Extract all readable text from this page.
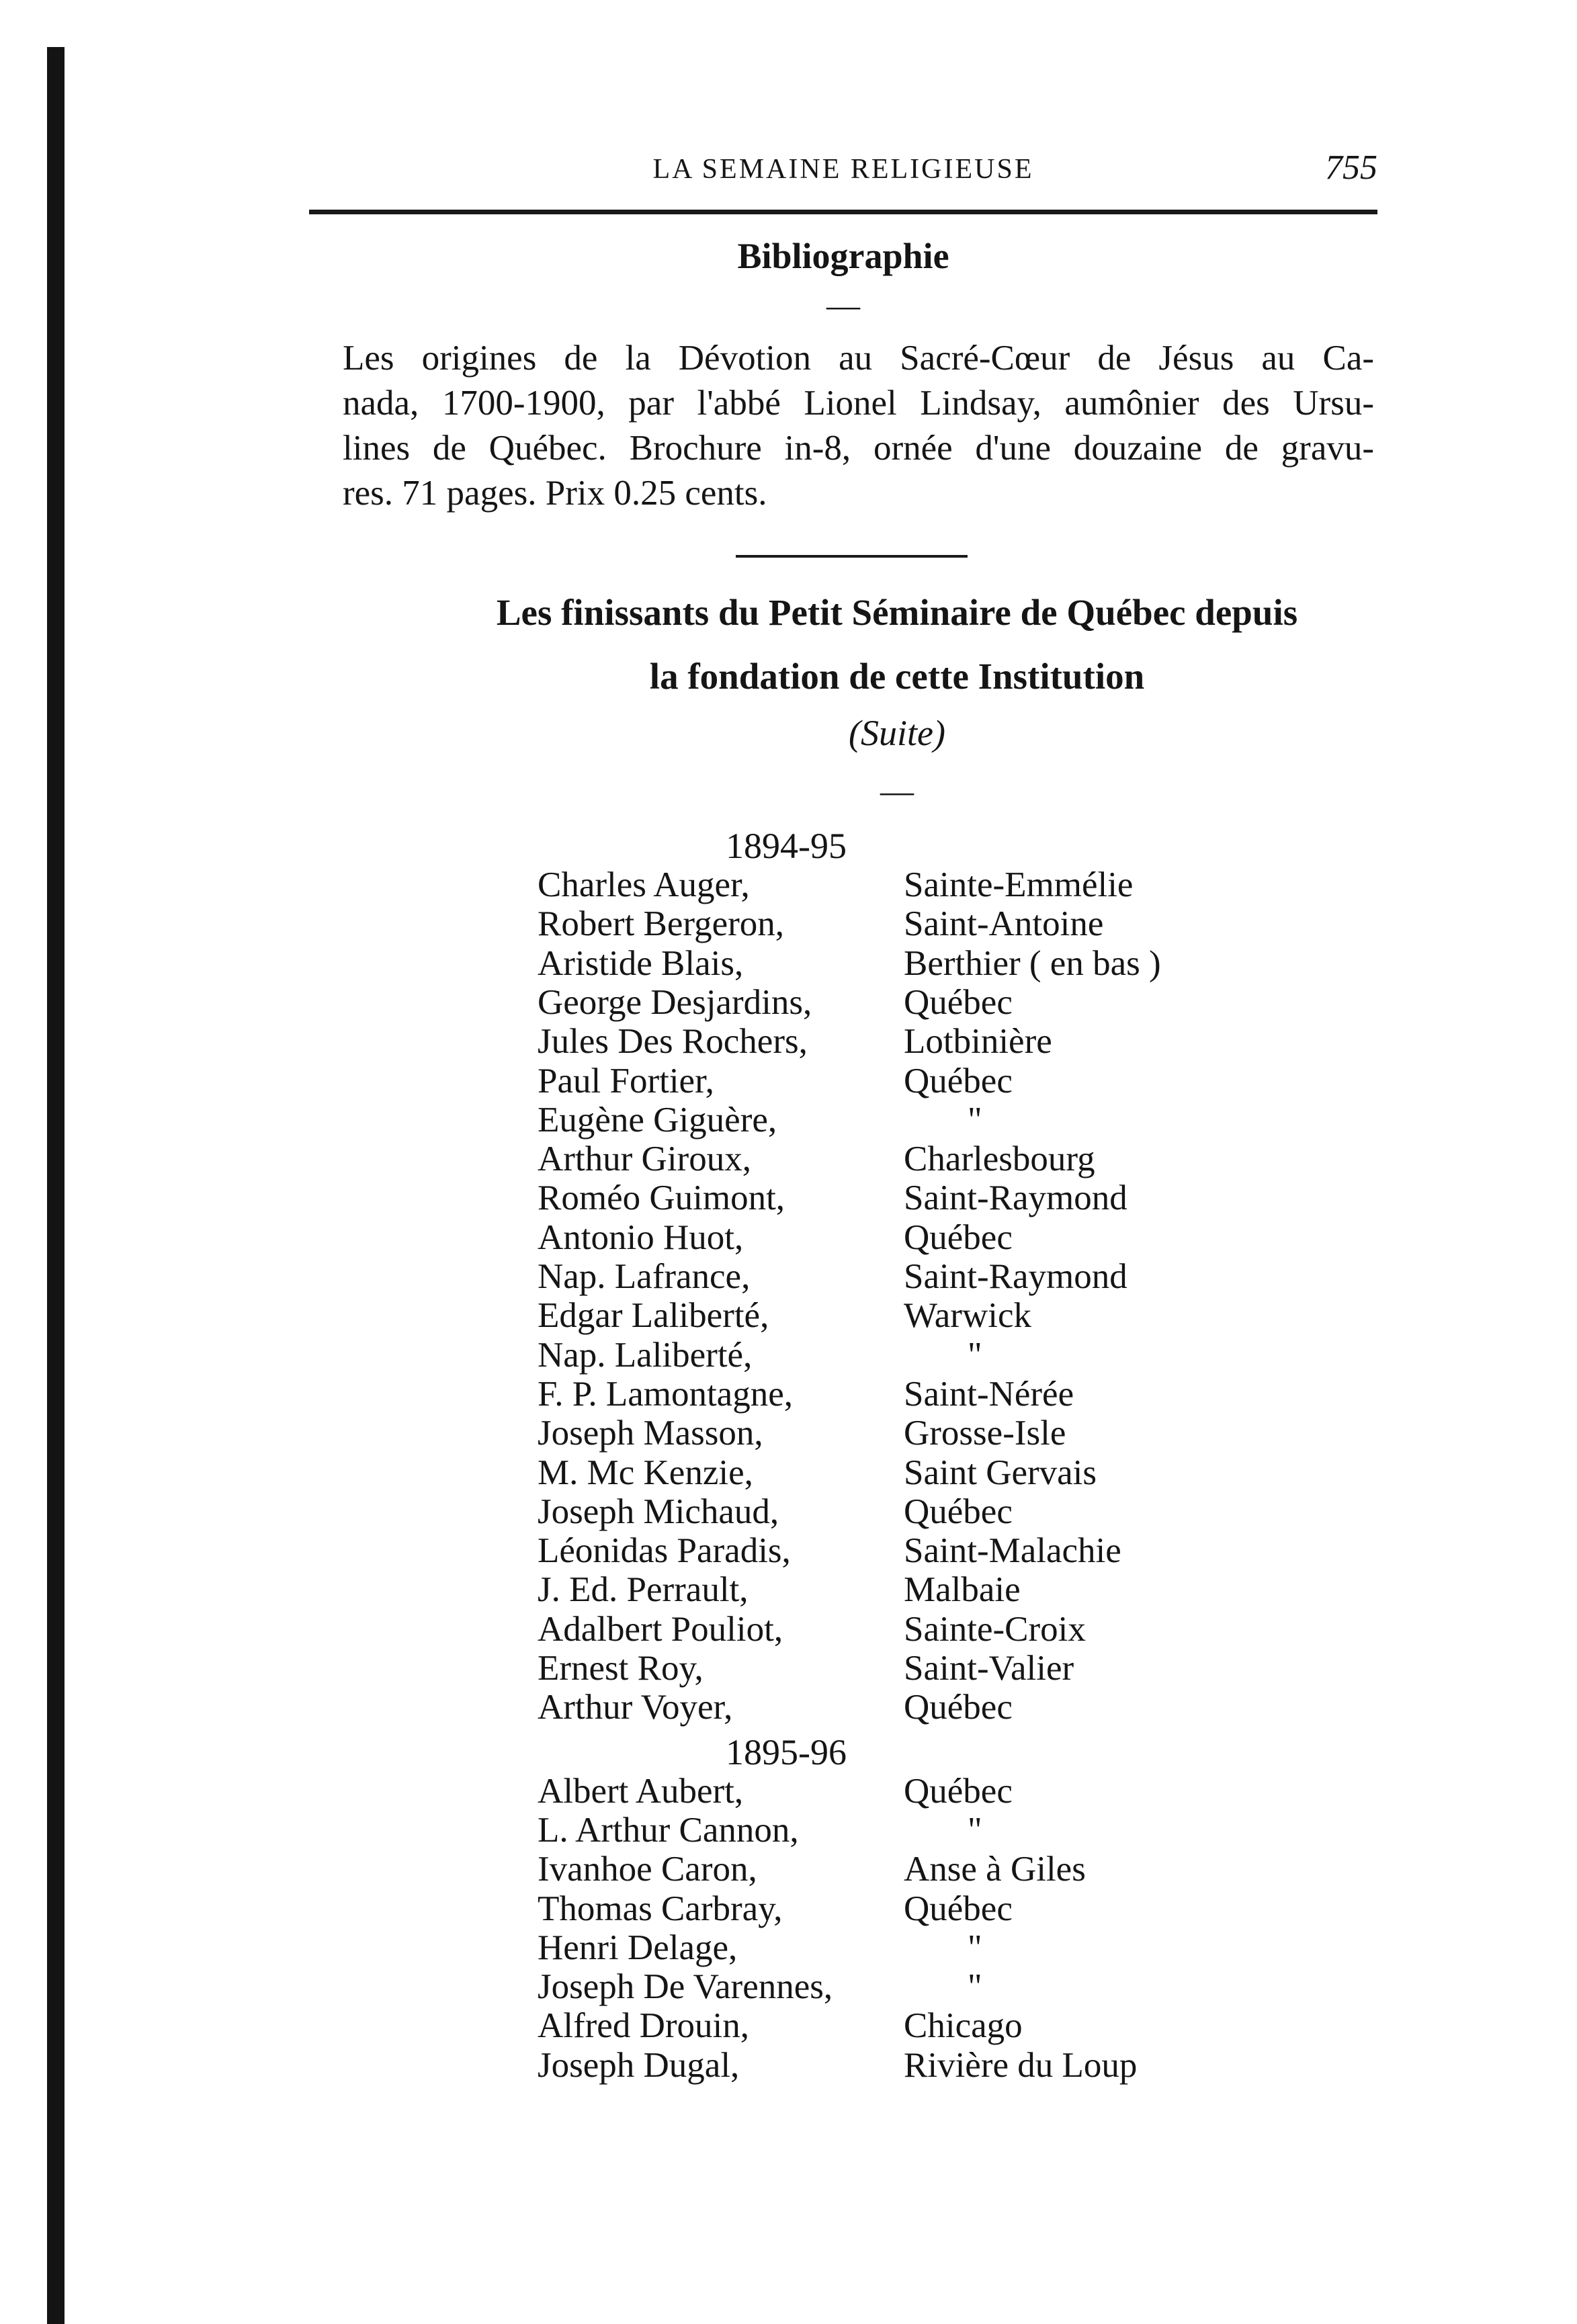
LA SEMAINE RELIGIEUSE	755
Bibliographie
—
Les origines de la Dévotion au Sacré-Cœur de Jésus au Ca-
nada, 1700-1900, par l'abbé Lionel Lindsay, aumônier des Ursu-
lines de Québec. Brochure in-8, ornée d'une douzaine de gravu-
res. 71 pages. Prix 0.25 cents.
Les finissants du Petit Séminaire de Québec depuis
la fondation de cette Institution
(Suite)
—
1894-95
Charles Auger,	Sainte-Emmélie
Robert Bergeron,	Saint-Antoine
Aristide Blais,	Berthier ( en bas )
George Desjardins,	Québec
Jules Des Rochers,	Lotbinière
Paul Fortier,	Québec
Eugène Giguère,	"
Arthur Giroux,	Charlesbourg
Roméo Guimont,	Saint-Raymond
Antonio Huot,	Québec
Nap. Lafrance,	Saint-Raymond
Edgar Laliberté,	Warwick
Nap. Laliberté,	"
F. P. Lamontagne,	Saint-Nérée
Joseph Masson,	Grosse-Isle
M. Mc Kenzie,	Saint Gervais
Joseph Michaud,	Québec
Léonidas Paradis,	Saint-Malachie
J. Ed. Perrault,	Malbaie
Adalbert Pouliot,	Sainte-Croix
Ernest Roy,	Saint-Valier
Arthur Voyer,	Québec
1895-96
Albert Aubert,	Québec
L. Arthur Cannon,	"
Ivanhoe Caron,	Anse à Giles
Thomas Carbray,	Québec
Henri Delage,	"
Joseph De Varennes,	"
Alfred Drouin,	Chicago
Joseph Dugal,	Rivière du Loup
